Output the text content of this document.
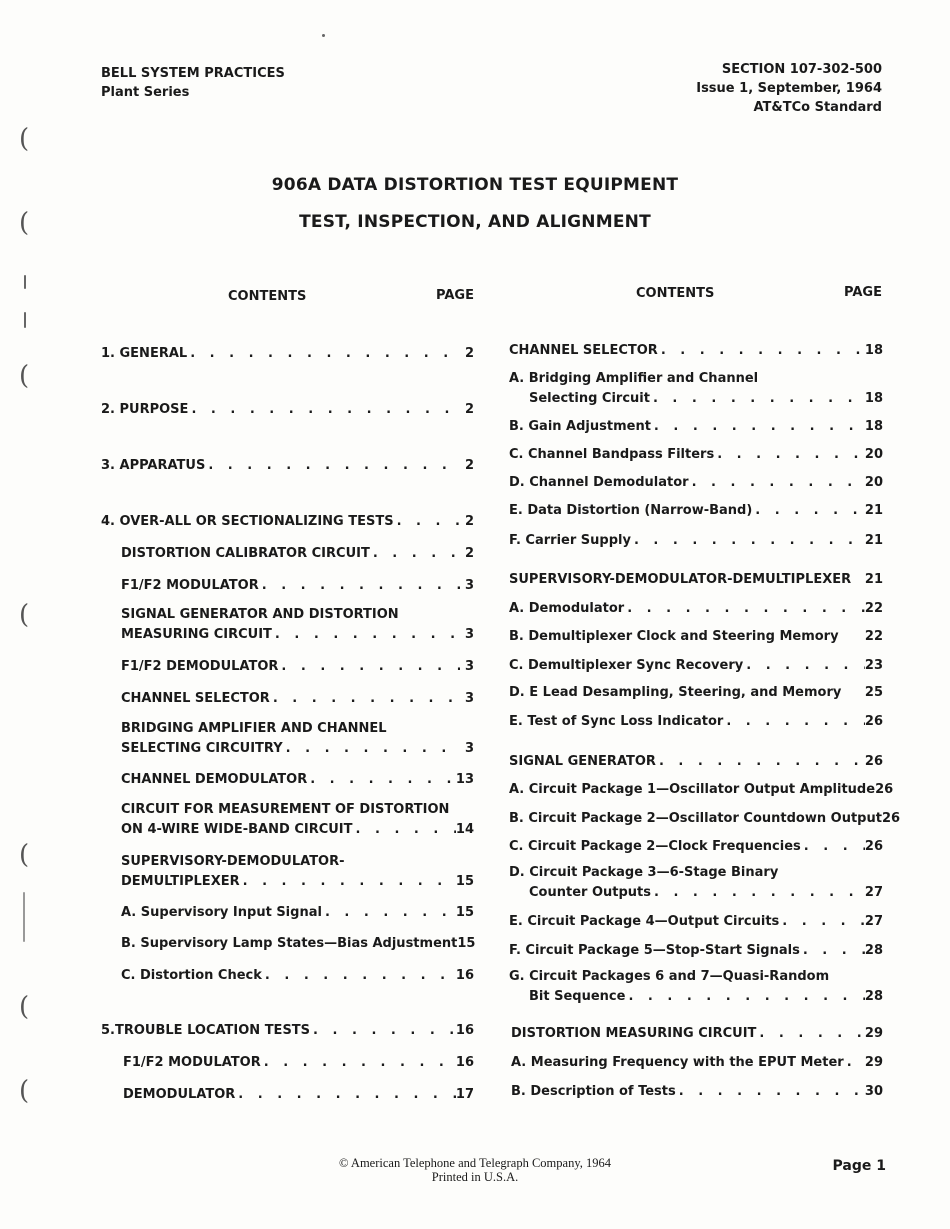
BELL SYSTEM PRACTICES
Plant Series
SECTION 107-302-500
Issue 1, September, 1964
AT&TCo Standard
906A DATA DISTORTION TEST EQUIPMENT
TEST, INSPECTION, AND ALIGNMENT
CONTENTS	PAGE	CONTENTS	PAGE
1. GENERAL . . .	2
2. PURPOSE . . .	2
3. APPARATUS . . .	2
4. OVER-ALL OR SECTIONALIZING TESTS . . .	2
DISTORTION CALIBRATOR CIRCUIT . . .	2
F1/F2 MODULATOR . . .	3
SIGNAL GENERATOR AND DISTORTION
MEASURING CIRCUIT . . .	3
F1/F2 DEMODULATOR . . .	3
CHANNEL SELECTOR . . .	3
BRIDGING AMPLIFIER AND CHANNEL
SELECTING CIRCUITRY . . .	3
CHANNEL DEMODULATOR . . .	13
CIRCUIT FOR MEASUREMENT OF DISTORTION
ON 4-WIRE WIDE-BAND CIRCUIT . . .	14
SUPERVISORY-DEMODULATOR-
DEMULTIPLEXER . . .	15
A. Supervisory Input Signal . . .	15
B. Supervisory Lamp States—Bias Adjustment 15
C. Distortion Check . . .	16
5.TROUBLE LOCATION TESTS . . .	16
F1/F2 MODULATOR . . .	16
DEMODULATOR . . .	17
CHANNEL SELECTOR . . .	18
A. Bridging Amplifier and Channel
Selecting Circuit . . .	18
B. Gain Adjustment . . .	18
C. Channel Bandpass Filters . . .	20
D. Channel Demodulator . . .	20
E. Data Distortion (Narrow-Band) . . .	21
F. Carrier Supply . . .	21
SUPERVISORY-DEMODULATOR-DEMULTIPLEXER 21
A. Demodulator . . .	22
B. Demultiplexer Clock and Steering Memory 22
C. Demultiplexer Sync Recovery . . .	23
D. E Lead Desampling, Steering, and Memory 25
E. Test of Sync Loss Indicator . . .	26
SIGNAL GENERATOR . . .	26
A. Circuit Package 1—Oscillator Output Amplitude 26
B. Circuit Package 2—Oscillator Countdown Output 26
C. Circuit Package 2—Clock Frequencies . . .	26
D. Circuit Package 3—6-Stage Binary
Counter Outputs . . .	27
E. Circuit Package 4—Output Circuits . . .	27
F. Circuit Package 5—Stop-Start Signals . . .	28
G. Circuit Packages 6 and 7—Quasi-Random
Bit Sequence . . .	28
DISTORTION MEASURING CIRCUIT . . .	29
A. Measuring Frequency with the EPUT Meter . . . 29
B. Description of Tests . . .	30
© American Telephone and Telegraph Company, 1964
Printed in U.S.A.
Page 1
(
(
(
(
(
(
(
